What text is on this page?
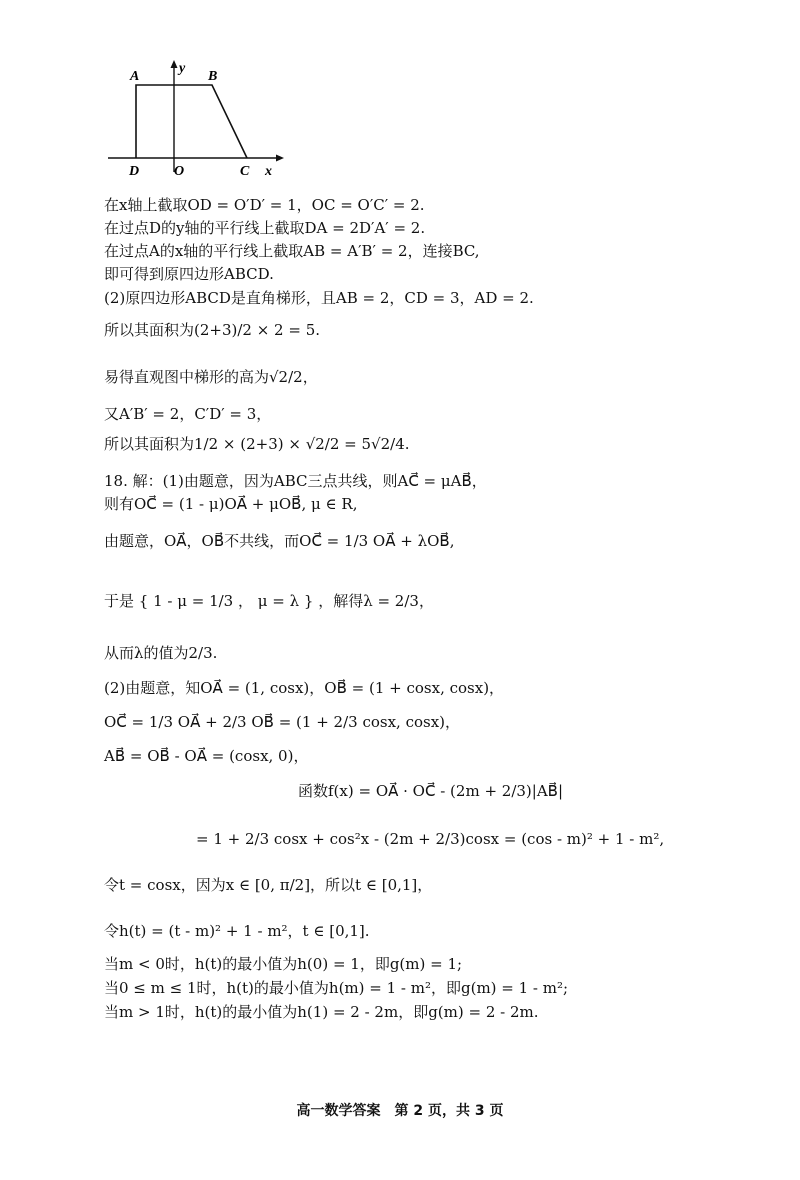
A
y
B
D O	C x
在x轴上截取OD = O′D′ = 1，OC = O′C′ = 2.
在过点D的y轴的平行线上截取DA = 2D′A′ = 2.
在过点A的x轴的平行线上截取AB = A′B′ = 2，连接BC,
即可得到原四边形ABCD.
(2)原四边形ABCD是直角梯形，且AB = 2，CD = 3，AD = 2.
所以其面积为(2+3)/2 × 2 = 5.
易得直观图中梯形的高为√2/2，
又A′B′ = 2，C′D′ = 3，
所以其面积为1/2 × (2+3) × √2/2 = 5√2/4.
18. 解：(1)由题意，因为ABC三点共线，则AC⃗ = μAB⃗，
则有OC⃗ = (1 - μ)OA⃗ + μOB⃗, μ ∈ R,
由题意，OA⃗，OB⃗不共线，而OC⃗ = 1/3 OA⃗ + λOB⃗,
于是 { 1 - μ = 1/3 ， μ = λ } ，解得λ = 2/3，
从而λ的值为2/3.
(2)由题意，知OA⃗ = (1, cosx)，OB⃗ = (1 + cosx, cosx)，
OC⃗ = 1/3 OA⃗ + 2/3 OB⃗ = (1 + 2/3 cosx, cosx)，
AB⃗ = OB⃗ - OA⃗ = (cosx, 0)，
函数f(x) = OA⃗ · OC⃗ - (2m + 2/3)|AB⃗|
= 1 + 2/3 cosx + cos²x - (2m + 2/3)cosx = (cos - m)² + 1 - m²,
令t = cosx，因为x ∈ [0, π/2]，所以t ∈ [0,1]，
令h(t) = (t - m)² + 1 - m²，t ∈ [0,1].
当m < 0时，h(t)的最小值为h(0) = 1，即g(m) = 1;
当0 ≤ m ≤ 1时，h(t)的最小值为h(m) = 1 - m²，即g(m) = 1 - m²;
当m > 1时，h(t)的最小值为h(1) = 2 - 2m，即g(m) = 2 - 2m.
高一数学答案　第 2 页，共 3 页
